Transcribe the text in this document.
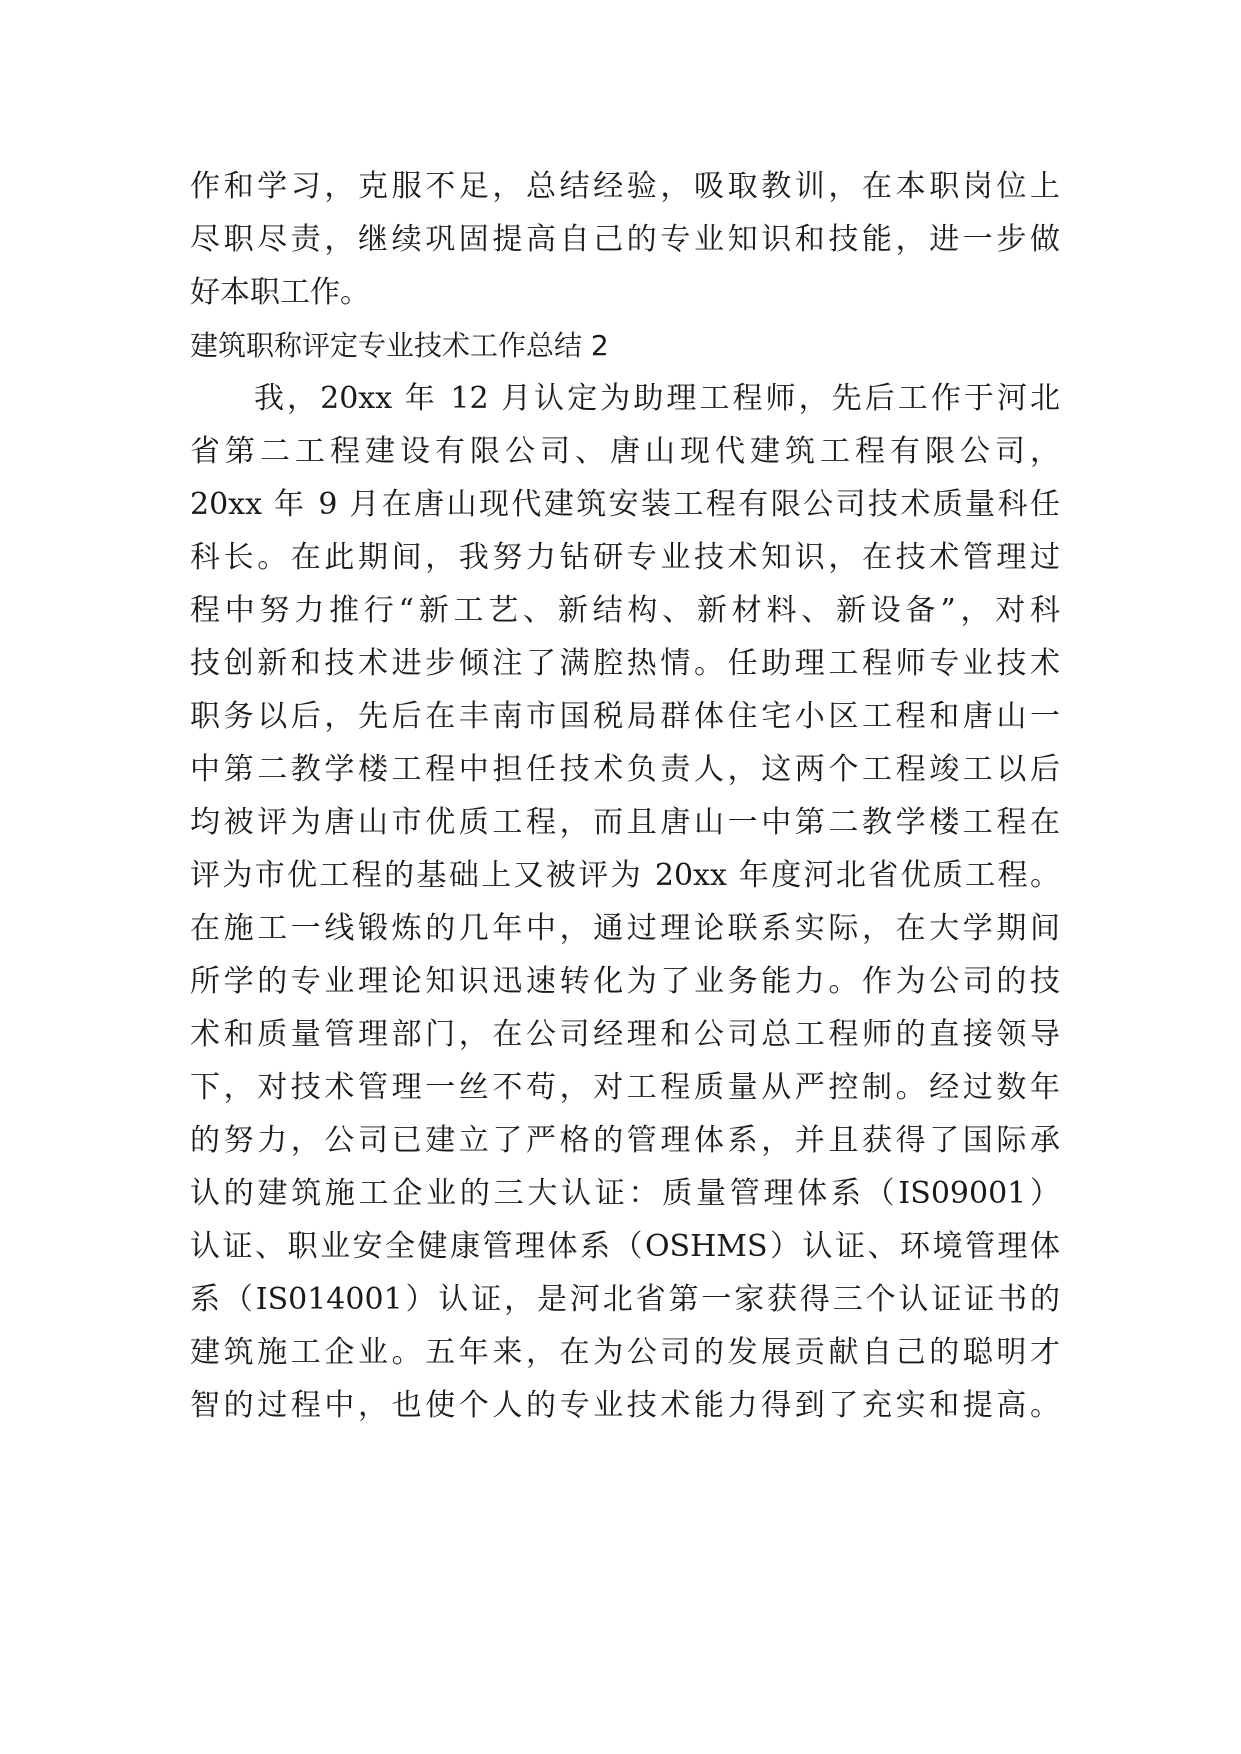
作和学习，克服不足，总结经验，吸取教训，在本职岗位上
尽职尽责，继续巩固提高自己的专业知识和技能，进一步做
好本职工作。
建筑职称评定专业技术工作总结 2
我，20xx 年 12 月认定为助理工程师，先后工作于河北
省第二工程建设有限公司、唐山现代建筑工程有限公司，
20xx 年 9 月在唐山现代建筑安装工程有限公司技术质量科任
科长。在此期间，我努力钻研专业技术知识，在技术管理过
程中努力推行“新工艺、新结构、新材料、新设备”，对科
技创新和技术进步倾注了满腔热情。任助理工程师专业技术
职务以后，先后在丰南市国税局群体住宅小区工程和唐山一
中第二教学楼工程中担任技术负责人，这两个工程竣工以后
均被评为唐山市优质工程，而且唐山一中第二教学楼工程在
评为市优工程的基础上又被评为 20xx 年度河北省优质工程。
在施工一线锻炼的几年中，通过理论联系实际，在大学期间
所学的专业理论知识迅速转化为了业务能力。作为公司的技
术和质量管理部门，在公司经理和公司总工程师的直接领导
下，对技术管理一丝不苟，对工程质量从严控制。经过数年
的努力，公司已建立了严格的管理体系，并且获得了国际承
认的建筑施工企业的三大认证：质量管理体系（IS09001）
认证、职业安全健康管理体系（OSHMS）认证、环境管理体
系（IS014001）认证，是河北省第一家获得三个认证证书的
建筑施工企业。五年来，在为公司的发展贡献自己的聪明才
智的过程中，也使个人的专业技术能力得到了充实和提高。
